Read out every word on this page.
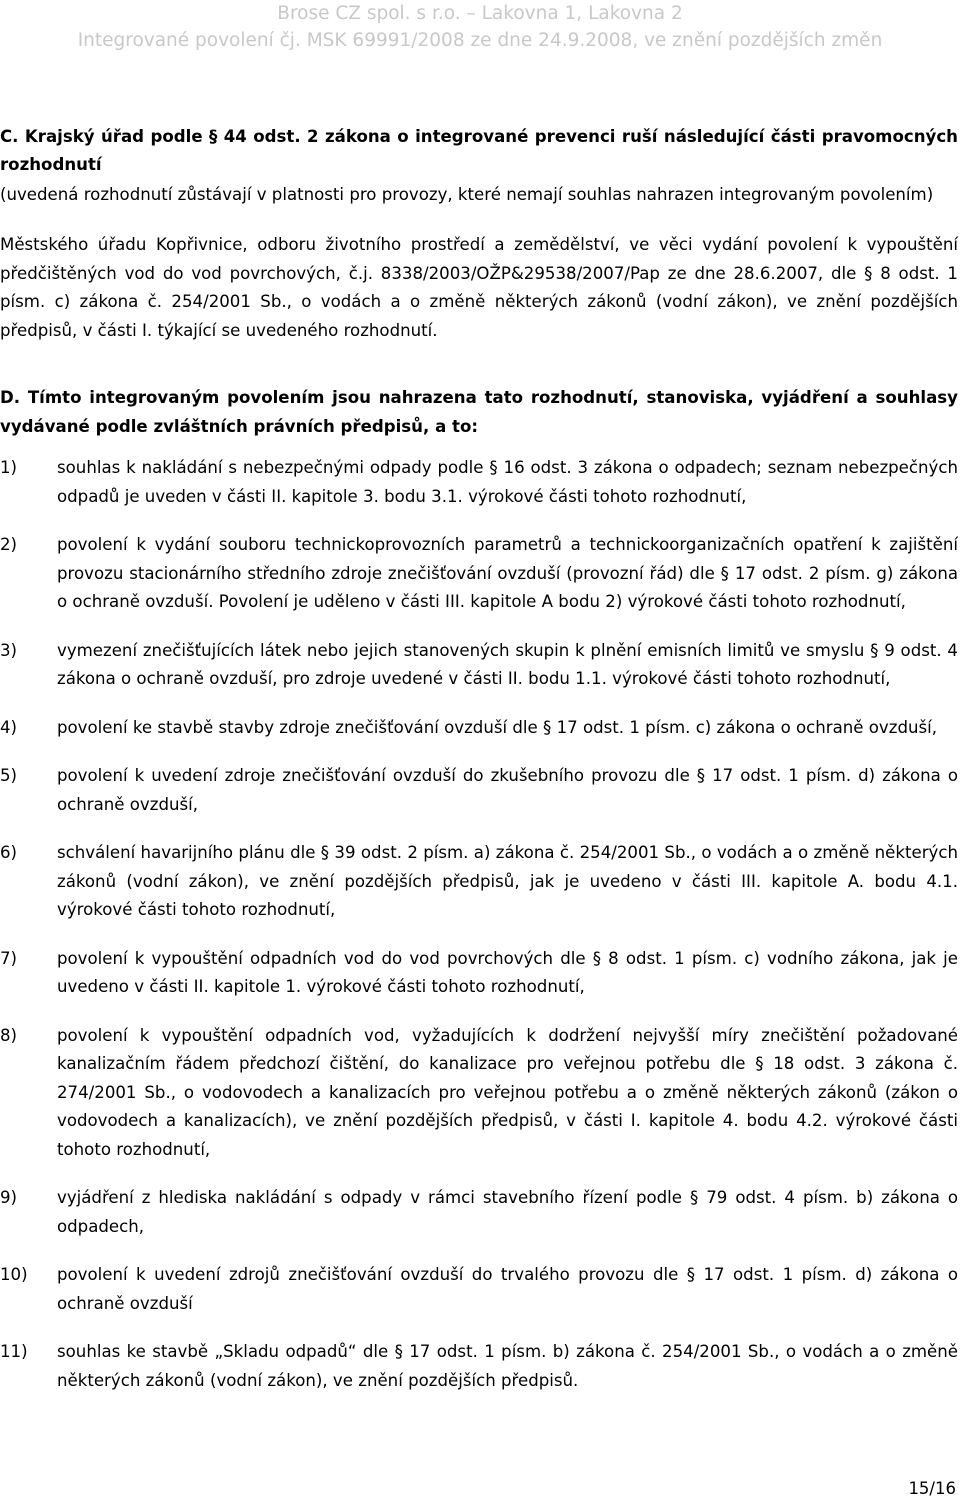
Brose CZ spol. s r.o. – Lakovna 1, Lakovna 2
Integrované povolení čj. MSK 69991/2008 ze dne 24.9.2008, ve znění pozdějších změn

C. Krajský úřad podle § 44 odst. 2 zákona o integrované prevenci ruší následující části pravomocných rozhodnutí

(uvedená rozhodnutí zůstávají v platnosti pro provozy, které nemají souhlas nahrazen integrovaným povolením)

Městského úřadu Kopřivnice, odboru životního prostředí a zemědělství, ve věci vydání povolení k vypouštění předčištěných vod do vod povrchových, č.j. 8338/2003/OŽP&29538/2007/Pap ze dne 28.6.2007, dle § 8 odst. 1 písm. c) zákona č. 254/2001 Sb., o vodách a o změně některých zákonů (vodní zákon), ve znění pozdějších předpisů, v části I. týkající se uvedeného rozhodnutí.

D. Tímto integrovaným povolením jsou nahrazena tato rozhodnutí, stanoviska, vyjádření a souhlasy vydávané podle zvláštních právních předpisů, a to:

1)	souhlas k nakládání s nebezpečnými odpady podle § 16 odst. 3 zákona o odpadech; seznam nebezpečných odpadů je uveden v části II. kapitole 3. bodu 3.1. výrokové části tohoto rozhodnutí,
2)	povolení k vydání souboru technickoprovozních parametrů a technickoorganizačních opatření k zajištění provozu stacionárního středního zdroje znečišťování ovzduší (provozní řád) dle § 17 odst. 2 písm. g) zákona o ochraně ovzduší. Povolení je uděleno v části III. kapitole A bodu 2) výrokové části tohoto rozhodnutí,
3)	vymezení znečišťujících látek nebo jejich stanovených skupin k plnění emisních limitů ve smyslu § 9 odst. 4 zákona o ochraně ovzduší, pro zdroje uvedené v části II. bodu 1.1. výrokové části tohoto rozhodnutí,
4)	povolení ke stavbě stavby zdroje znečišťování ovzduší dle § 17 odst. 1 písm. c) zákona o ochraně ovzduší,
5)	povolení k uvedení zdroje znečišťování ovzduší do zkušebního provozu dle § 17 odst. 1 písm. d) zákona o ochraně ovzduší,
6)	schválení havarijního plánu dle § 39 odst. 2 písm. a) zákona č. 254/2001 Sb., o vodách a o změně některých zákonů (vodní zákon), ve znění pozdějších předpisů, jak je uvedeno v části III. kapitole A. bodu 4.1. výrokové části tohoto rozhodnutí,
7)	povolení k vypouštění odpadních vod do vod povrchových dle § 8 odst. 1 písm. c) vodního zákona, jak je uvedeno v části II. kapitole 1. výrokové části tohoto rozhodnutí,
8)	povolení k vypouštění odpadních vod, vyžadujících k dodržení nejvyšší míry znečištění požadované kanalizačním řádem předchozí čištění, do kanalizace pro veřejnou potřebu dle § 18 odst. 3 zákona č. 274/2001 Sb., o vodovodech a kanalizacích pro veřejnou potřebu a o změně některých zákonů (zákon o vodovodech a kanalizacích), ve znění pozdějších předpisů, v části I. kapitole 4. bodu 4.2. výrokové části tohoto rozhodnutí,
9)	vyjádření z hlediska nakládání s odpady v rámci stavebního řízení podle § 79 odst. 4 písm. b) zákona o odpadech,
10)	povolení k uvedení zdrojů znečišťování ovzduší do trvalého provozu dle § 17 odst. 1 písm. d) zákona o ochraně ovzduší
11)	souhlas ke stavbě „Skladu odpadů“ dle § 17 odst. 1 písm. b) zákona č. 254/2001 Sb., o vodách a o změně některých zákonů (vodní zákon), ve znění pozdějších předpisů.
15/16
